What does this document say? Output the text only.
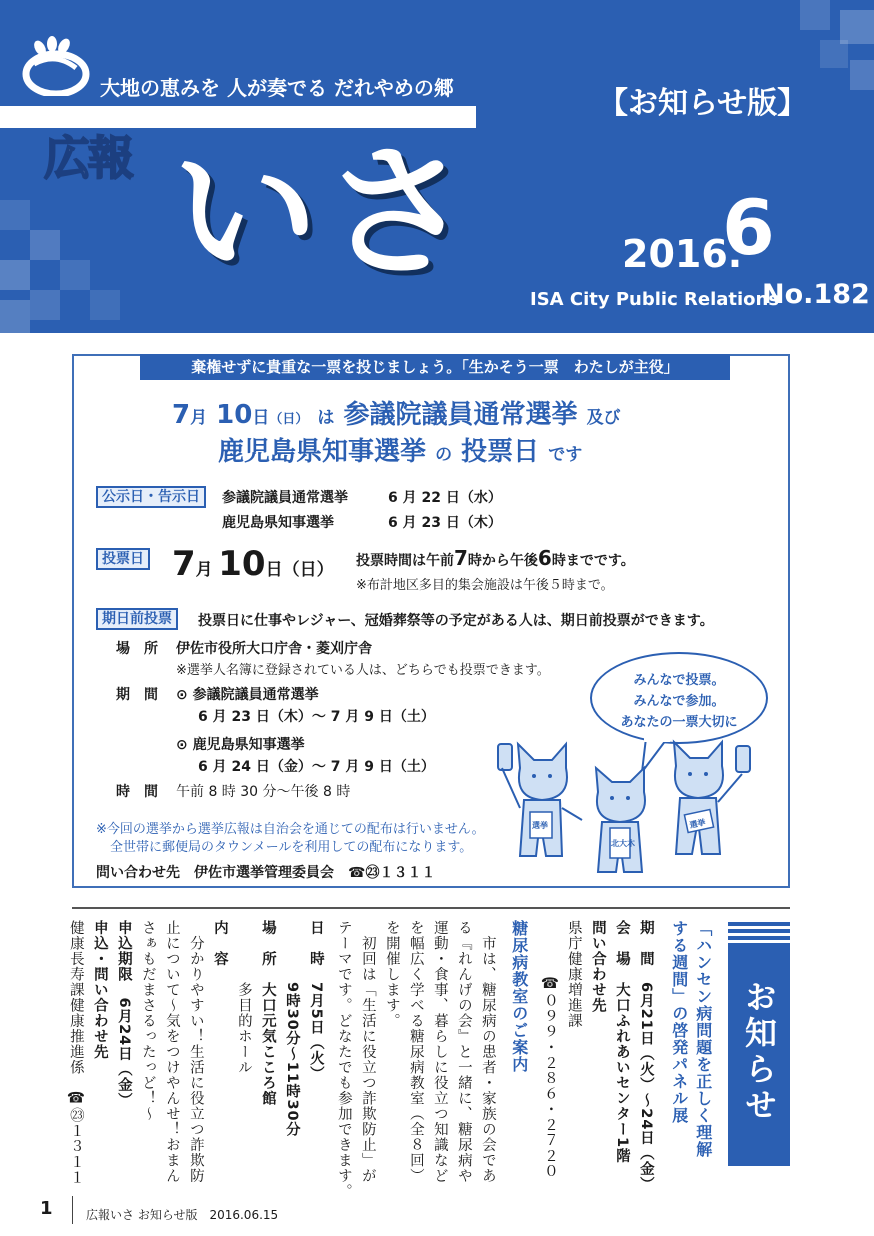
大地の恵みを 人が奏でる だれやめの郷	【お知らせ版】
広報 いさ	2016.
6
ISA City Public Relations
No.182
棄権せずに貴重な一票を投じましょう。「生かそう一票　わたしが主役」
7月 10日（日） は 参議院議員通常選挙 及び
鹿児島県知事選挙 の 投票日 です
公示日・告示日	参議院議員通常選挙	6 月 22 日（水）
鹿児島県知事選挙	6 月 23 日（木）
投票日 7月 10日（日） 投票時間は午前7時から午後6時までです。
※布計地区多目的集会施設は午後５時まで。
期日前投票	投票日に仕事やレジャー、冠婚葬祭等の予定がある人は、期日前投票ができます。
場　所 伊佐市役所大口庁舎・菱刈庁舎
※選挙人名簿に登録されている人は、どちらでも投票できます。
期　間 ⊙ 参議院議員通常選挙
6 月 23 日（木）～ 7 月 9 日（土）
⊙ 鹿児島県知事選挙
6 月 24 日（金）～ 7 月 9 日（土）
時　間 午前 8 時 30 分～午後 8 時
※今回の選挙から選挙広報は自治会を通じての配布は行いません。
全世帯に郵便局のタウンメールを利用しての配布になります。
問い合わせ先　 伊佐市選挙管理委員会　 ☎㉓１３１１
みんなで投票。
みんなで参加。
あなたの一票大切に
選挙
北大木
選挙
お知らせ
「ハンセン病問題を正しく理解
する週間」の啓発パネル展
期　間　6月21日（火）～24日（金）
会　場　大口ふれあいセンター1階
問い合わせ先
県庁健康増進課
☎０９９・２８６・２７２０
糖尿病教室のご案内
　市は、糖尿病の患者・家族の会であ
る『れんげの会』と一緒に、糖尿病や
運動・食事、暮らしに役立つ知識など
を幅広く学べる糖尿病教室（全８回）
を開催します。
　初回は「生活に役立つ詐欺防止」が
テーマです。どなたでも参加できます。
日　時　7月5日（火）
　　　　9時30分～11時30分
場　所　大口元気こころ館
　　　　多目的ホール
内　容
　分かりやすい！生活に役立つ詐欺防
止について～気をつけやんせ！おまん
さぁもだまさるったっど！～
申込期限　6月24日（金）
申込・問い合わせ先
健康長寿課健康推進係　☎㉓１３１１
1	広報いさ お知らせ版　2016.06.15
